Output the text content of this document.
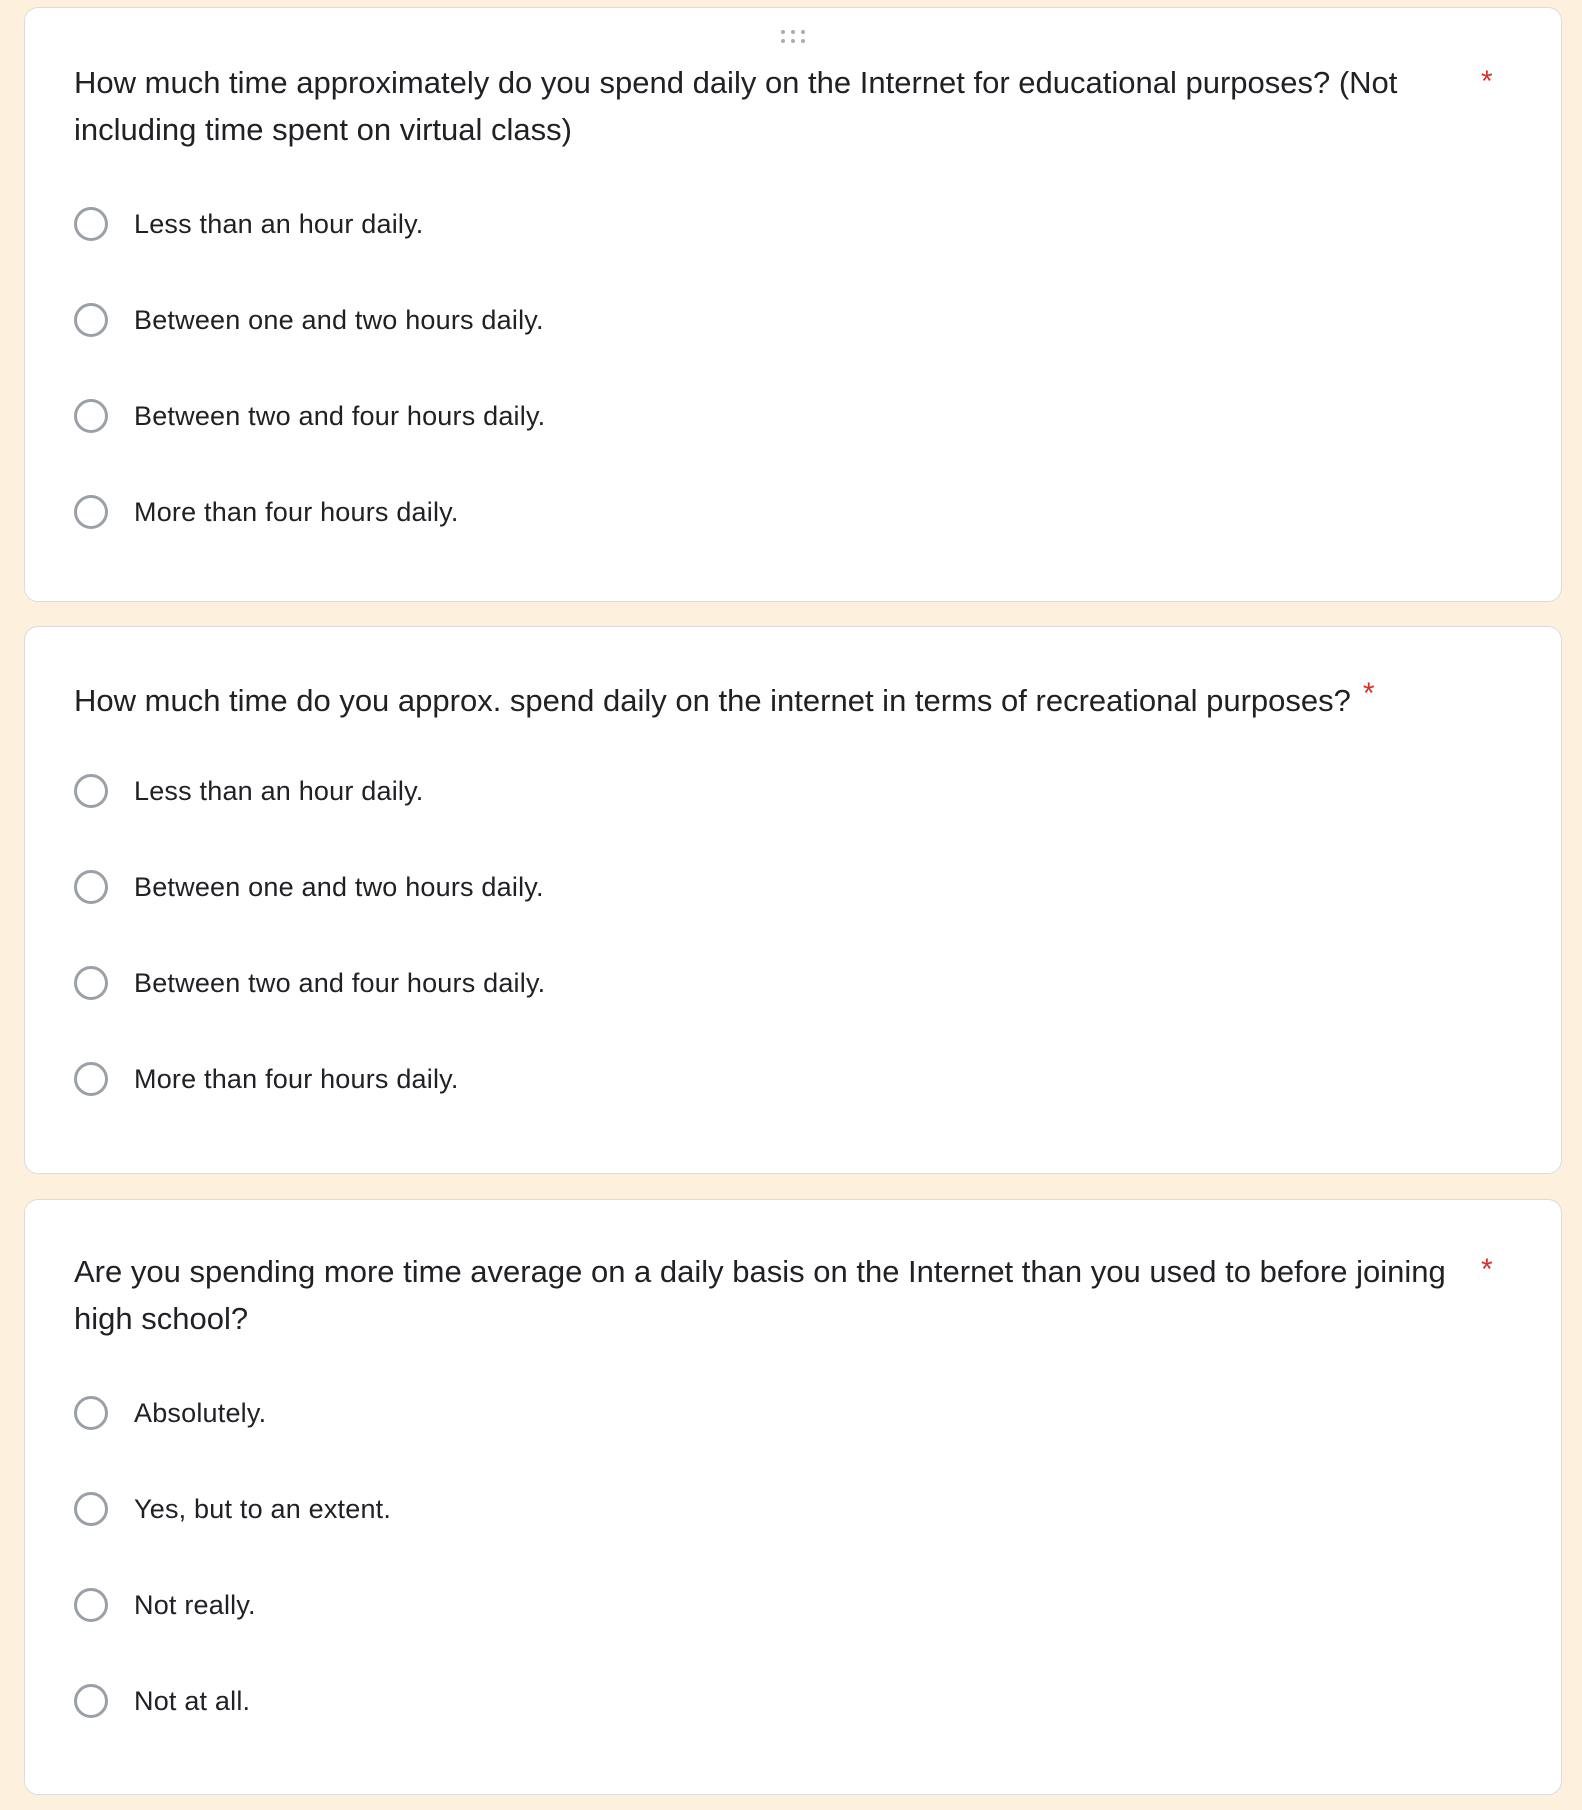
How much time approximately do you spend daily on the Internet for educational purposes? (Not including time spent on virtual class)
*
Less than an hour daily.
Between one and two hours daily.
Between two and four hours daily.
More than four hours daily.
How much time do you approx. spend daily on the internet in terms of recreational purposes? *
Less than an hour daily.
Between one and two hours daily.
Between two and four hours daily.
More than four hours daily.
Are you spending more time average on a daily basis on the Internet than you used to before joining high school?
*
Absolutely.
Yes, but to an extent.
Not really.
Not at all.
